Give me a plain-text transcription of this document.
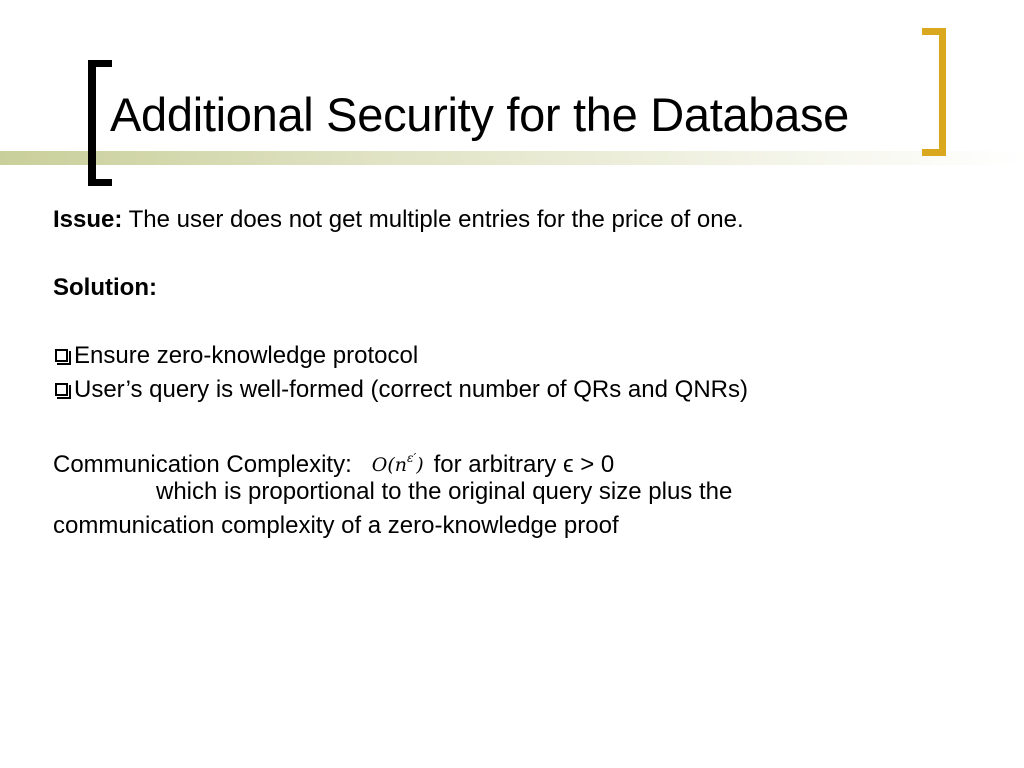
Additional Security for the Database
Issue: The user does not get multiple entries for the price of one.
Solution:
Ensure zero-knowledge protocol
User’s query is well-formed (correct number of QRs and QNRs)
Communication Complexity: $O(n^{\varepsilon'})$ for arbitrary ϵ > 0
which is proportional to the original query size plus the
communication complexity of a zero-knowledge proof
